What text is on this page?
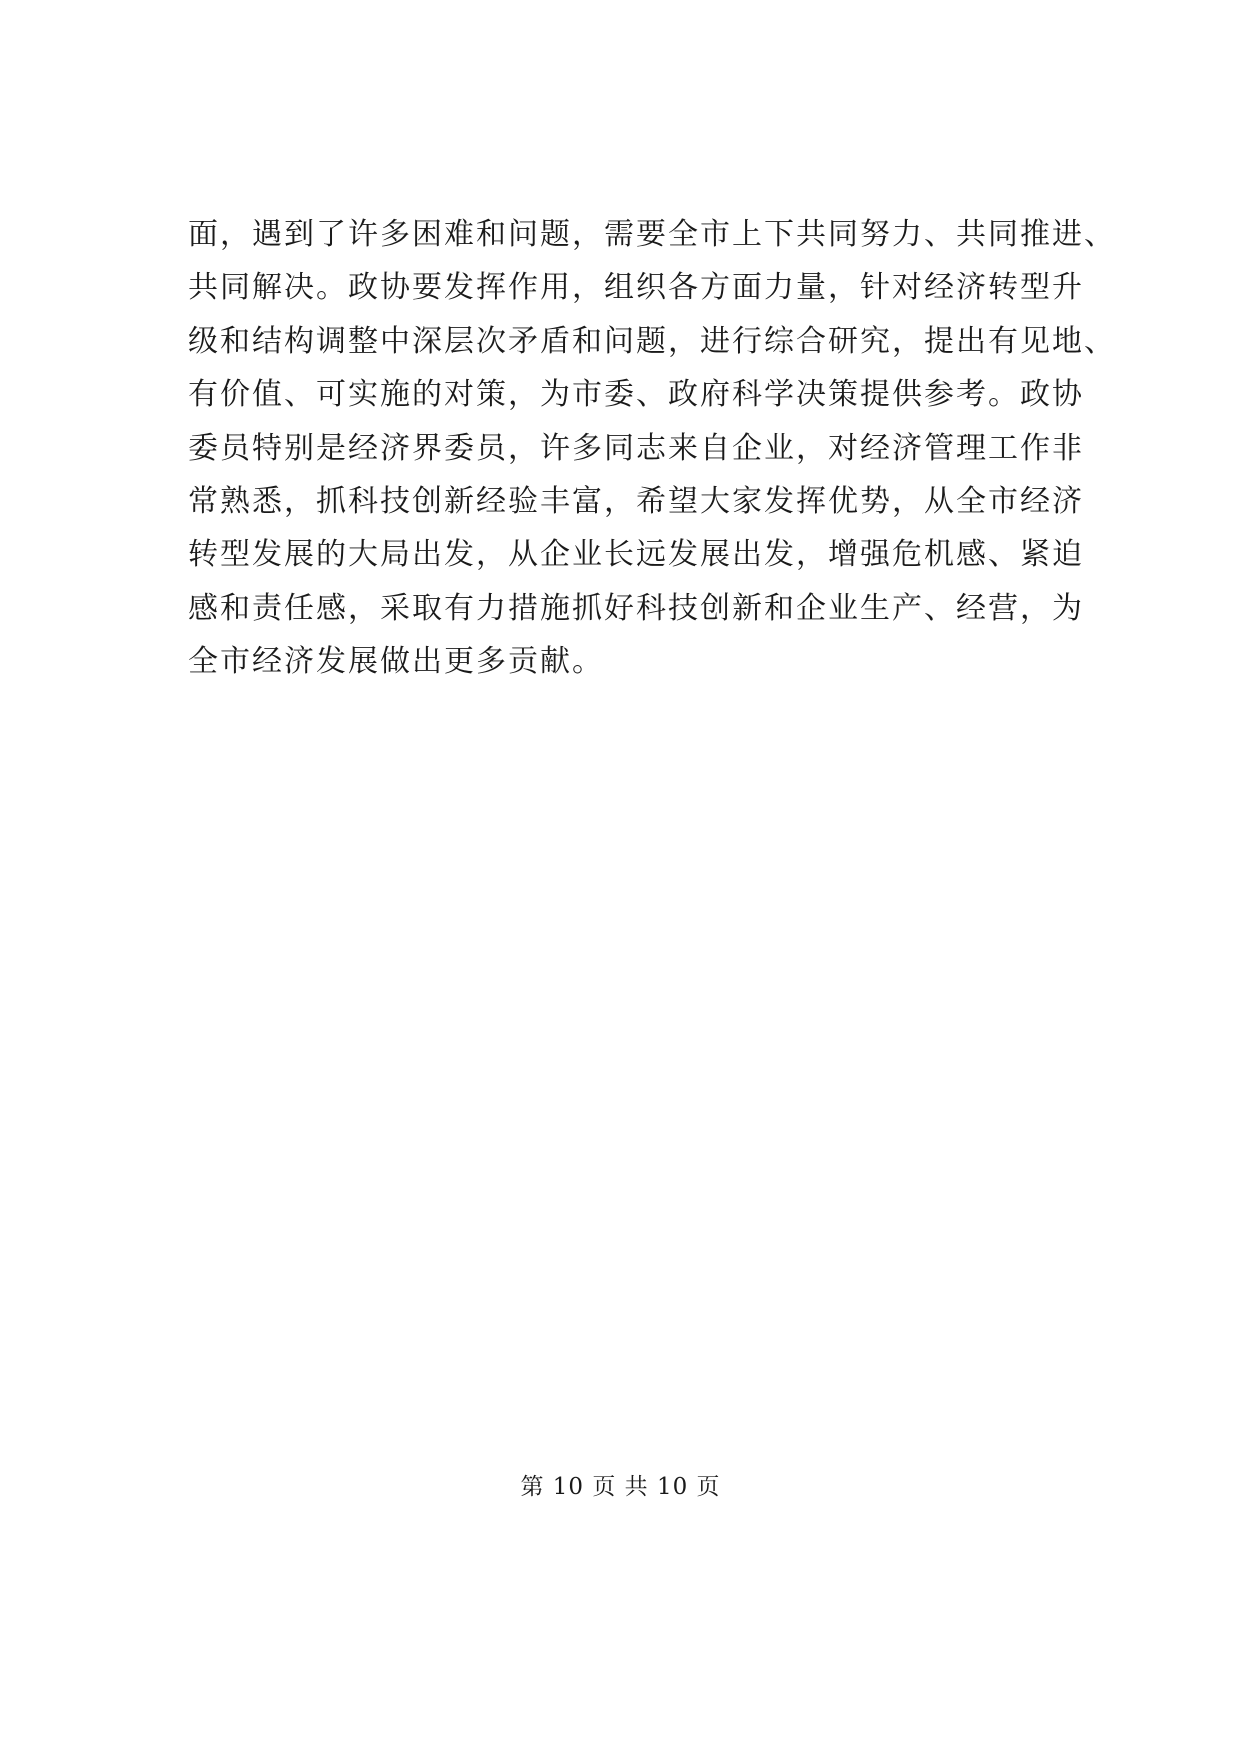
面，遇到了许多困难和问题，需要全市上下共同努力、共同推进、
共同解决。政协要发挥作用，组织各方面力量，针对经济转型升
级和结构调整中深层次矛盾和问题，进行综合研究，提出有见地、
有价值、可实施的对策，为市委、政府科学决策提供参考。政协
委员特别是经济界委员，许多同志来自企业，对经济管理工作非
常熟悉，抓科技创新经验丰富，希望大家发挥优势，从全市经济
转型发展的大局出发，从企业长远发展出发，增强危机感、紧迫
感和责任感，采取有力措施抓好科技创新和企业生产、经营，为
全市经济发展做出更多贡献。
第 10 页 共 10 页
